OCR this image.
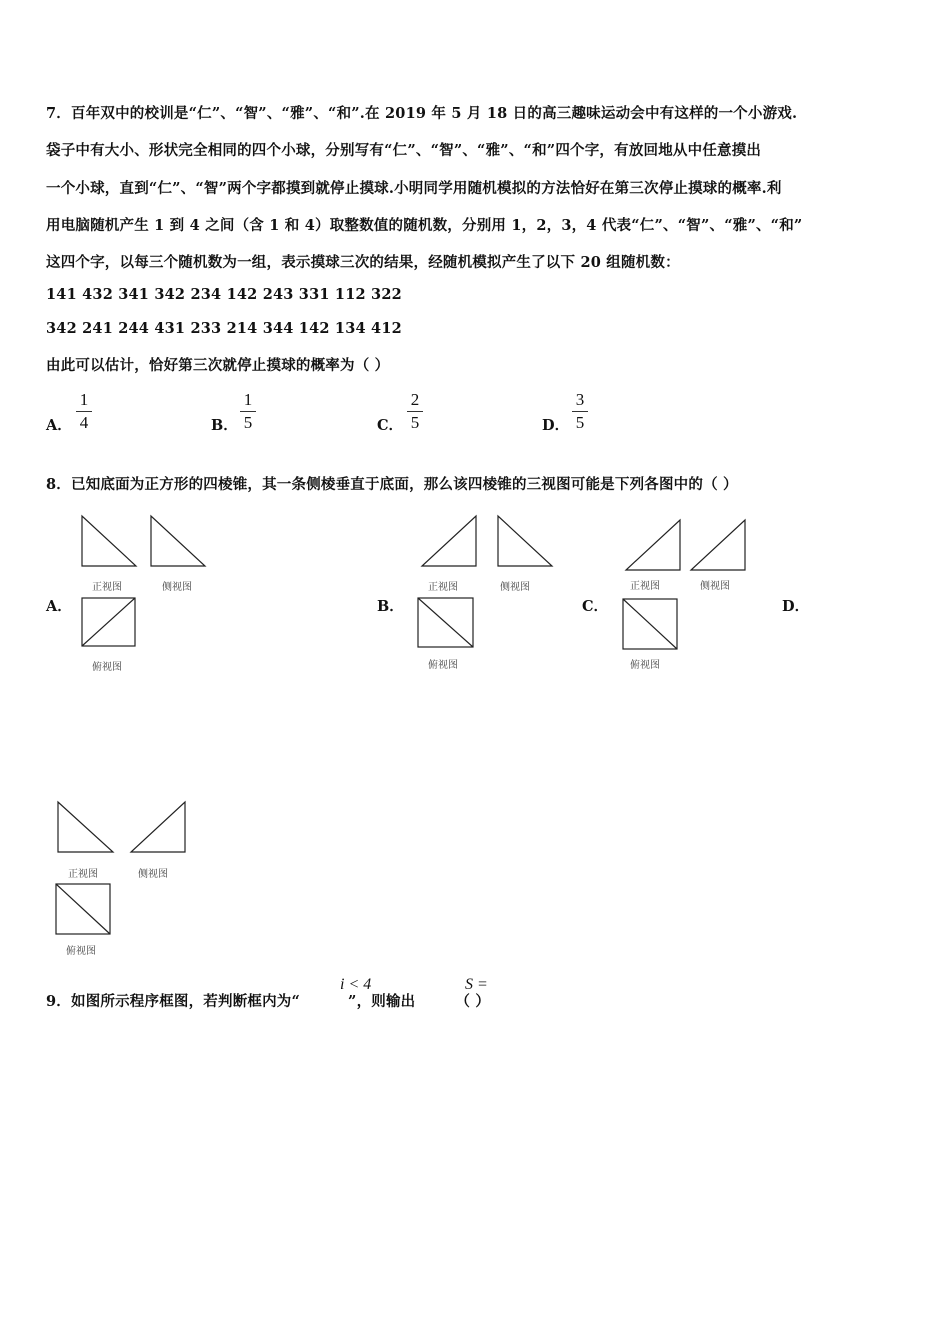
7．百年双中的校训是“仁”、“智”、“雅”、“和”.在 2019 年 5 月 18 日的高三趣味运动会中有这样的一个小游戏.
袋子中有大小、形状完全相同的四个小球，分别写有“仁”、“智”、“雅”、“和”四个字，有放回地从中任意摸出
一个小球，直到“仁”、“智”两个字都摸到就停止摸球.小明同学用随机模拟的方法恰好在第三次停止摸球的概率.利
用电脑随机产生 1 到 4 之间（含 1 和 4）取整数值的随机数，分别用 1，2，3，4 代表“仁”、“智”、“雅”、“和”
这四个字，以每三个随机数为一组，表示摸球三次的结果，经随机模拟产生了以下 20 组随机数：
141 432 341 342 234 142 243 331 112 322
342 241 244 431 233 214 344 142 134 412
由此可以估计，恰好第三次就停止摸球的概率为（ ）
A．
1
4	B．
1
5	C．
2
5	D．
3
5
8．已知底面为正方形的四棱锥，其一条侧棱垂直于底面，那么该四棱锥的三视图可能是下列各图中的（ ）
A．	B．	C．	D．
正视图	侧视图
俯视图
正视图	侧视图
俯视图
正视图	侧视图
俯视图
正视图	侧视图
俯视图
9．如图所示程序框图，若判断框内为“	”，则输出	（ ）
i < 4	S =
